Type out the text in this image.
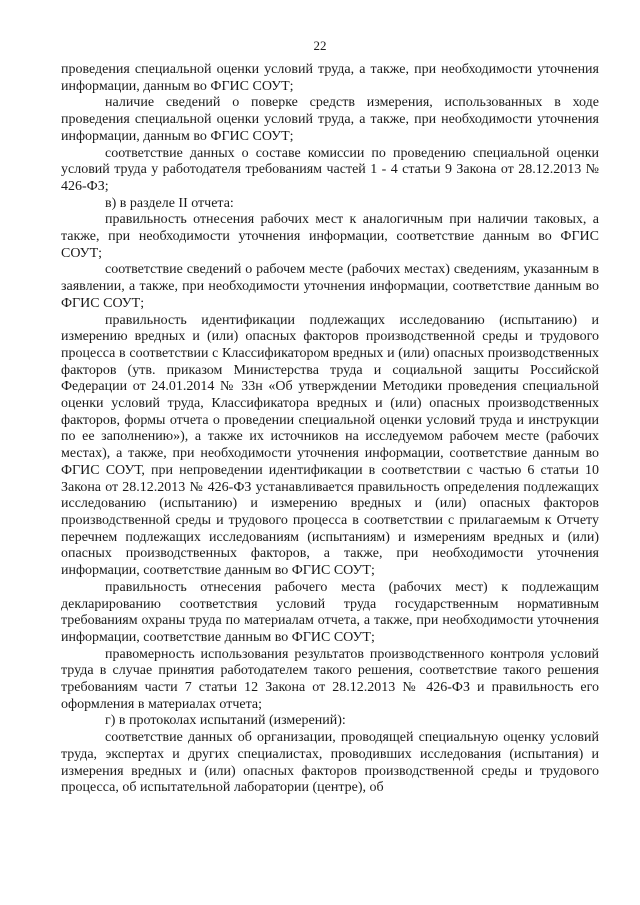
22

проведения специальной оценки условий труда, а также, при необходимости уточнения информации, данным во ФГИС СОУТ;

наличие сведений о поверке средств измерения, использованных в ходе проведения специальной оценки условий труда, а также, при необходимости уточнения информации, данным во ФГИС СОУТ;

соответствие данных о составе комиссии по проведению специальной оценки условий труда у работодателя требованиям частей 1 - 4 статьи 9 Закона от 28.12.2013 № 426-ФЗ;

в) в разделе II отчета:

правильность отнесения рабочих мест к аналогичным при наличии таковых, а также, при необходимости уточнения информации, соответствие данным во ФГИС СОУТ;

соответствие сведений о рабочем месте (рабочих местах) сведениям, указанным в заявлении, а также, при необходимости уточнения информации, соответствие данным во ФГИС СОУТ;

правильность идентификации подлежащих исследованию (испытанию) и измерению вредных и (или) опасных факторов производственной среды и трудового процесса в соответствии с Классификатором вредных и (или) опасных производственных факторов (утв. приказом Министерства труда и социальной защиты Российской Федерации от 24.01.2014 № 33н «Об утверждении Методики проведения специальной оценки условий труда, Классификатора вредных и (или) опасных производственных факторов, формы отчета о проведении специальной оценки условий труда и инструкции по ее заполнению»), а также их источников на исследуемом рабочем месте (рабочих местах), а также, при необходимости уточнения информации, соответствие данным во ФГИС СОУТ, при непроведении идентификации в соответствии с частью 6 статьи 10 Закона от 28.12.2013 № 426-ФЗ устанавливается правильность определения подлежащих исследованию (испытанию) и измерению вредных и (или) опасных факторов производственной среды и трудового процесса в соответствии с прилагаемым к Отчету перечнем подлежащих исследованиям (испытаниям) и измерениям вредных и (или) опасных производственных факторов, а также, при необходимости уточнения информации, соответствие данным во ФГИС СОУТ;

правильность отнесения рабочего места (рабочих мест) к подлежащим декларированию соответствия условий труда государственным нормативным требованиям охраны труда по материалам отчета, а также, при необходимости уточнения информации, соответствие данным во ФГИС СОУТ;

правомерность использования результатов производственного контроля условий труда в случае принятия работодателем такого решения, соответствие такого решения требованиям части 7 статьи 12 Закона от 28.12.2013 № 426-ФЗ и правильность его оформления в материалах отчета;

г) в протоколах испытаний (измерений):

соответствие данных об организации, проводящей специальную оценку условий труда, экспертах и других специалистах, проводивших исследования (испытания) и измерения вредных и (или) опасных факторов производственной среды и трудового процесса, об испытательной лаборатории (центре), об
